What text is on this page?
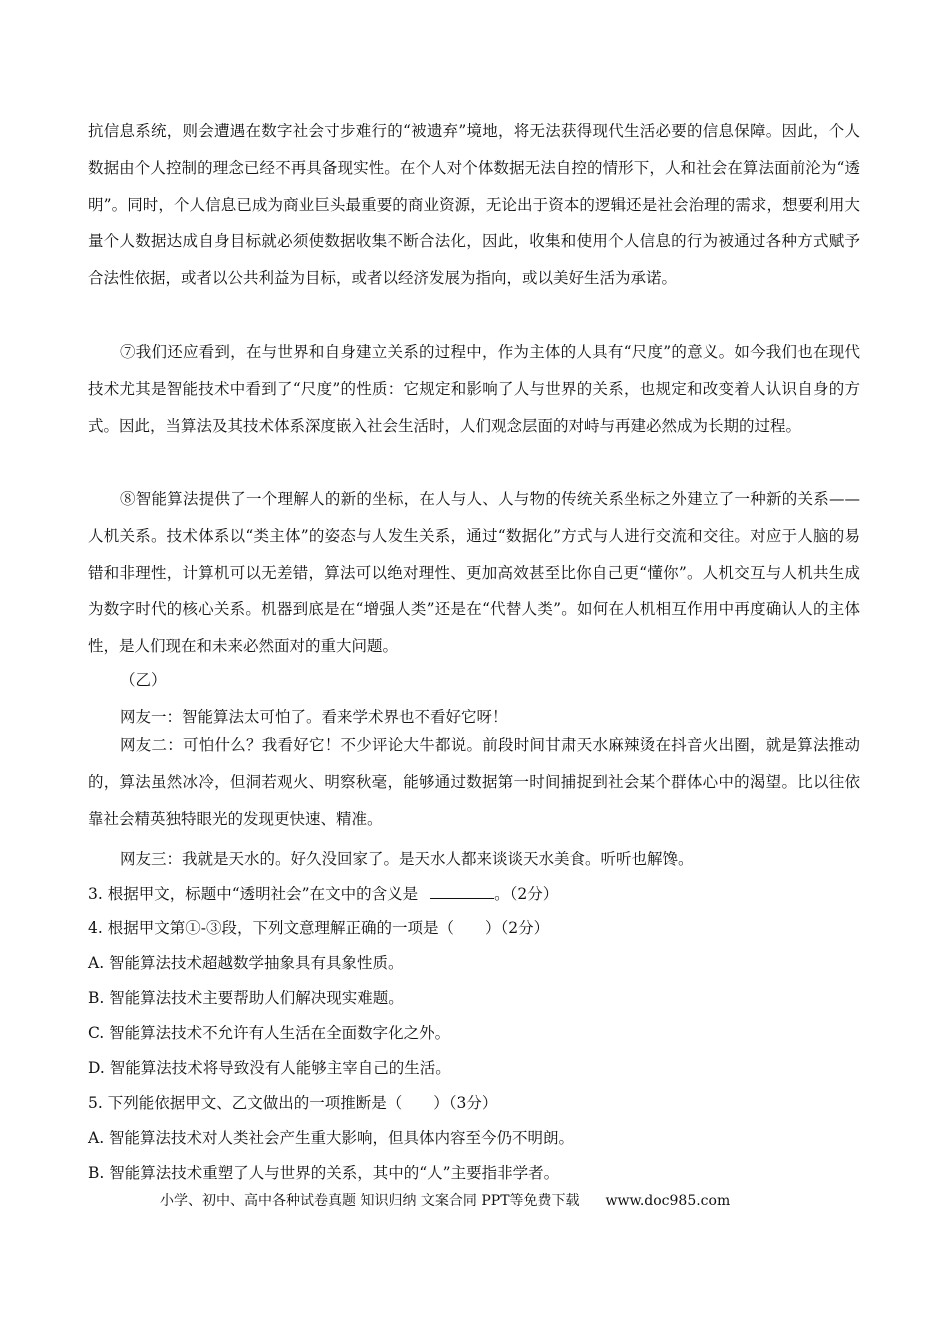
抗信息系统，则会遭遇在数字社会寸步难行的“被遗弃”境地，将无法获得现代生活必要的信息保障。因此，个人数据由个人控制的理念已经不再具备现实性。在个人对个体数据无法自控的情形下，人和社会在算法面前沦为“透明”。同时，个人信息已成为商业巨头最重要的商业资源，无论出于资本的逻辑还是社会治理的需求，想要利用大量个人数据达成自身目标就必须使数据收集不断合法化，因此，收集和使用个人信息的行为被通过各种方式赋予合法性依据，或者以公共利益为目标，或者以经济发展为指向，或以美好生活为承诺。

⑦我们还应看到，在与世界和自身建立关系的过程中，作为主体的人具有“尺度”的意义。如今我们也在现代技术尤其是智能技术中看到了“尺度”的性质：它规定和影响了人与世界的关系，也规定和改变着人认识自身的方式。因此，当算法及其技术体系深度嵌入社会生活时，人们观念层面的对峙与再建必然成为长期的过程。

⑧智能算法提供了一个理解人的新的坐标，在人与人、人与物的传统关系坐标之外建立了一种新的关系——人机关系。技术体系以“类主体”的姿态与人发生关系，通过“数据化”方式与人进行交流和交往。对应于人脑的易错和非理性，计算机可以无差错，算法可以绝对理性、更加高效甚至比你自己更“懂你”。人机交互与人机共生成为数字时代的核心关系。机器到底是在“增强人类”还是在“代替人类”。如何在人机相互作用中再度确认人的主体性，是人们现在和未来必然面对的重大问题。

（乙）
网友一：智能算法太可怕了。看来学术界也不看好它呀！

网友二：可怕什么？我看好它！不少评论大牛都说。前段时间甘肃天水麻辣烫在抖音火出圈，就是算法推动的，算法虽然冰冷，但洞若观火、明察秋毫，能够通过数据第一时间捕捉到社会某个群体心中的渴望。比以往依靠社会精英独特眼光的发现更快速、精准。

网友三：我就是天水的。好久没回家了。是天水人都来谈谈天水美食。听听也解馋。
3. 根据甲文，标题中“透明社会”在文中的含义是	。（2分）
4. 根据甲文第①-③段，下列文意理解正确的一项是（　　）（2分）
A. 智能算法技术超越数学抽象具有具象性质。
B. 智能算法技术主要帮助人们解决现实难题。
C. 智能算法技术不允许有人生活在全面数字化之外。
D. 智能算法技术将导致没有人能够主宰自己的生活。
5. 下列能依据甲文、乙文做出的一项推断是（　　）（3分）
A. 智能算法技术对人类社会产生重大影响，但具体内容至今仍不明朗。
B. 智能算法技术重塑了人与世界的关系，其中的“人”主要指非学者。
小学、初中、高中各种试卷真题 知识归纳 文案合同 PPT等免费下载 www.doc985.com
